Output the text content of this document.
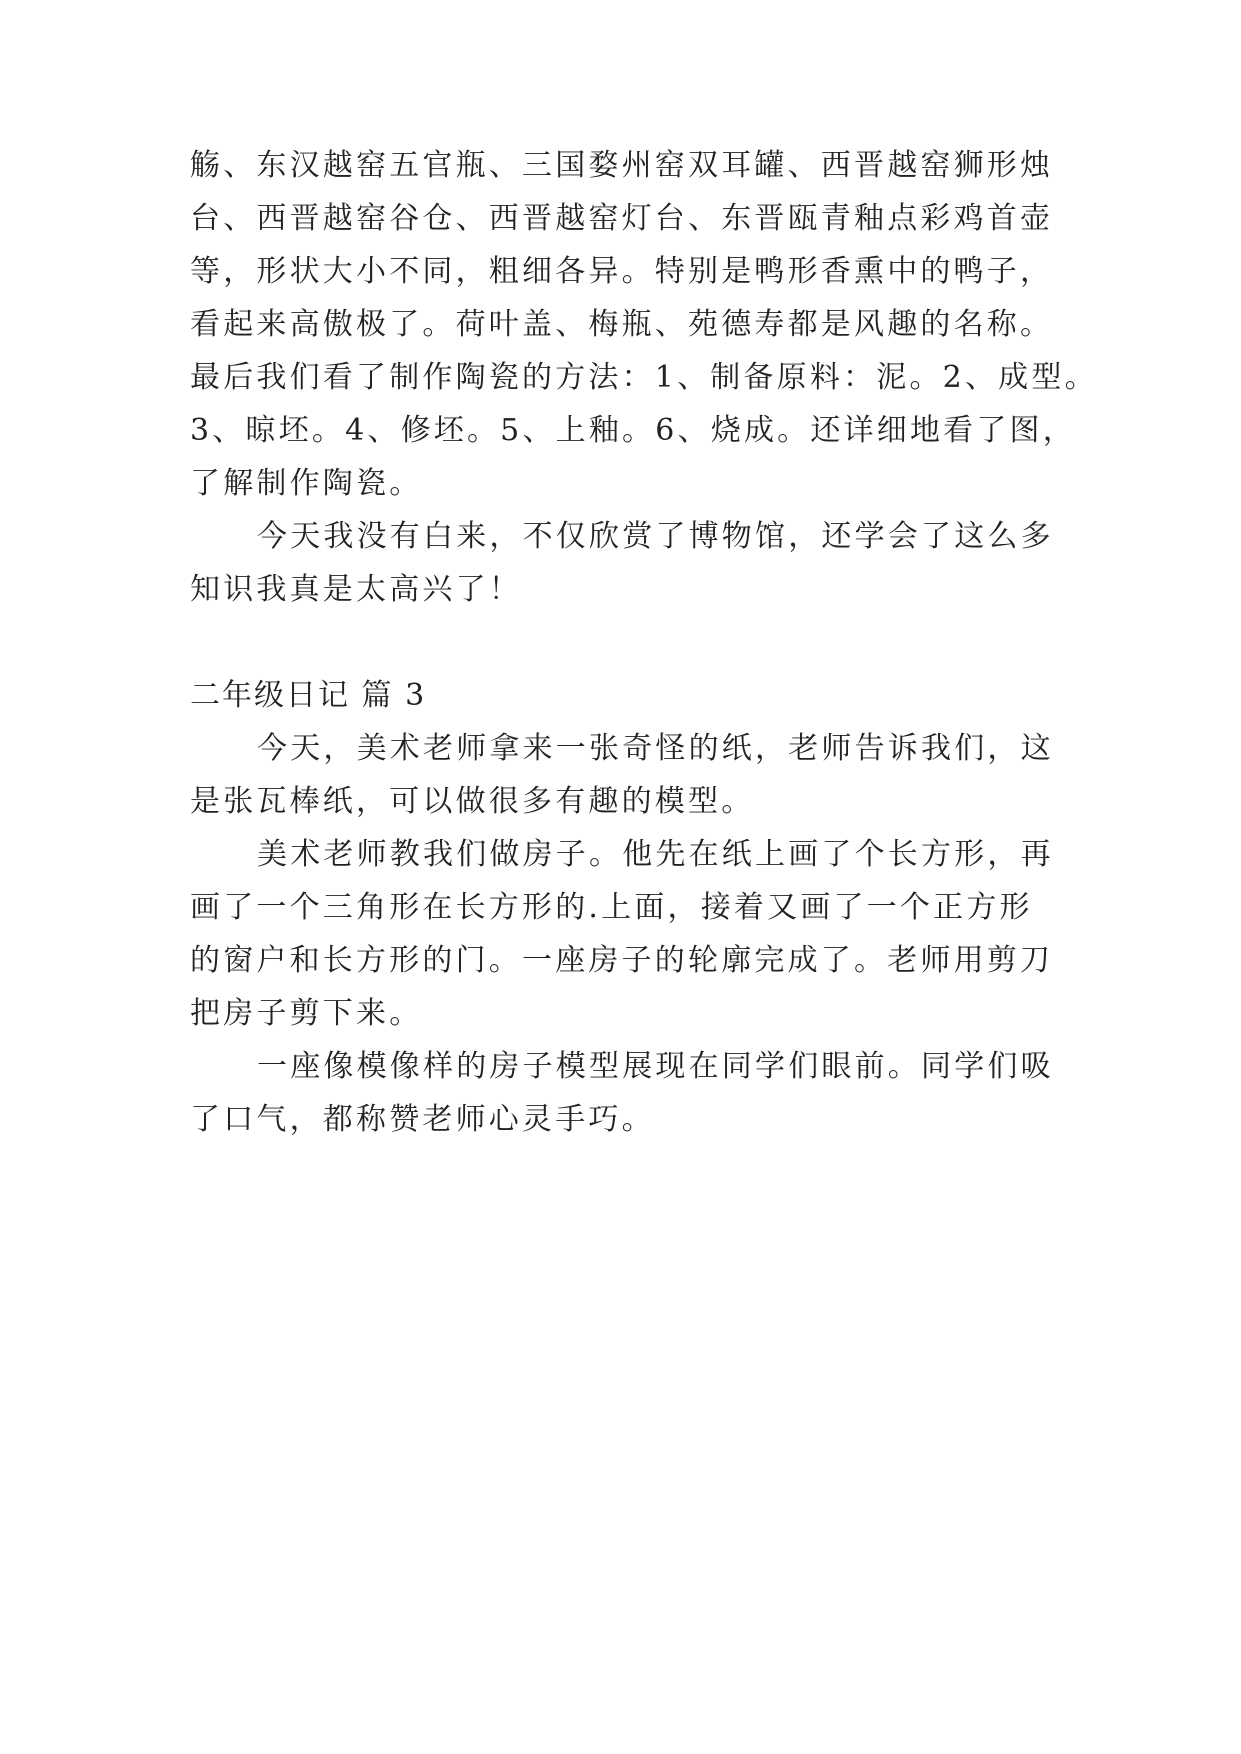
觞、东汉越窑五官瓶、三国婺州窑双耳罐、西晋越窑狮形烛
台、西晋越窑谷仓、西晋越窑灯台、东晋瓯青釉点彩鸡首壶
等，形状大小不同，粗细各异。特别是鸭形香熏中的鸭子，
看起来高傲极了。荷叶盖、梅瓶、苑德寿都是风趣的名称。
最后我们看了制作陶瓷的方法：1、制备原料：泥。2、成型。
3、晾坯。4、修坯。5、上釉。6、烧成。还详细地看了图，
了解制作陶瓷。
今天我没有白来，不仅欣赏了博物馆，还学会了这么多
知识我真是太高兴了！
二年级日记 篇 3
今天，美术老师拿来一张奇怪的纸，老师告诉我们，这
是张瓦棒纸，可以做很多有趣的模型。
美术老师教我们做房子。他先在纸上画了个长方形，再
画了一个三角形在长方形的.上面，接着又画了一个正方形
的窗户和长方形的门。一座房子的轮廓完成了。老师用剪刀
把房子剪下来。
一座像模像样的房子模型展现在同学们眼前。同学们吸
了口气，都称赞老师心灵手巧。
